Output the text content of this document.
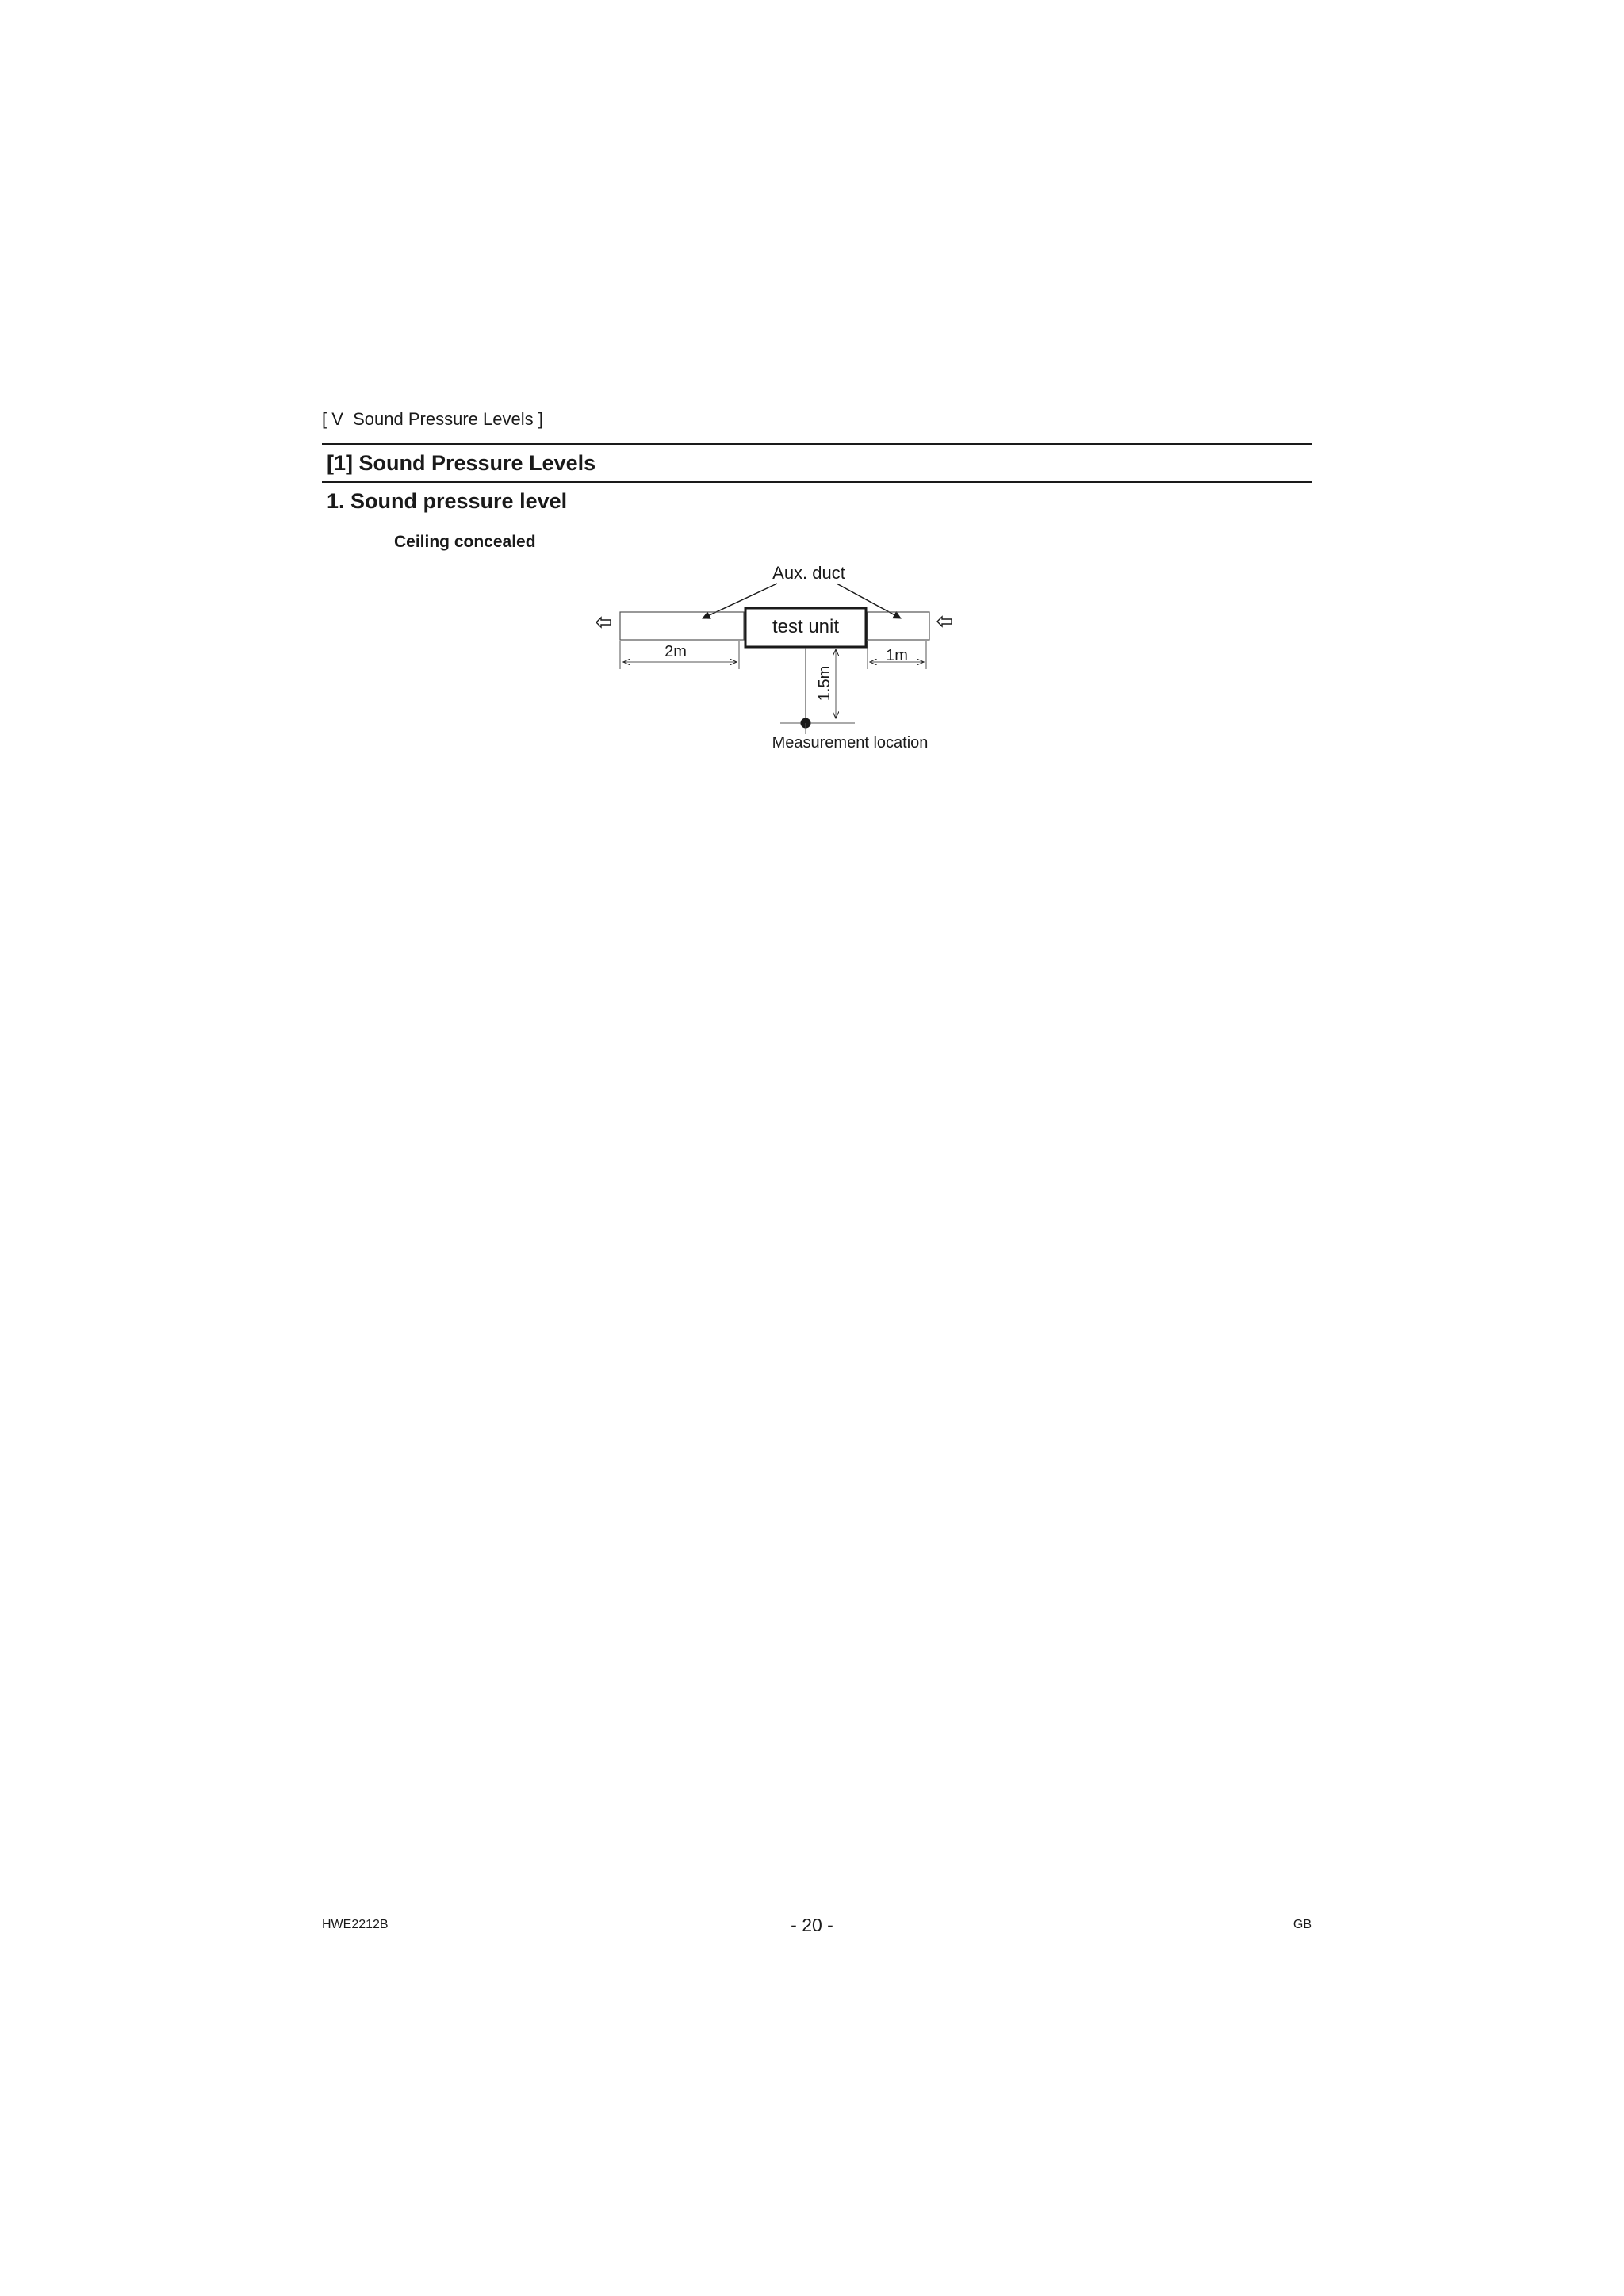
[ V  Sound Pressure Levels ]
[1] Sound Pressure Levels
1. Sound pressure level
Ceiling concealed
Aux. duct
test unit
2m	1m
1.5m
Measurement location
HWE2212B	- 20 -	GB
